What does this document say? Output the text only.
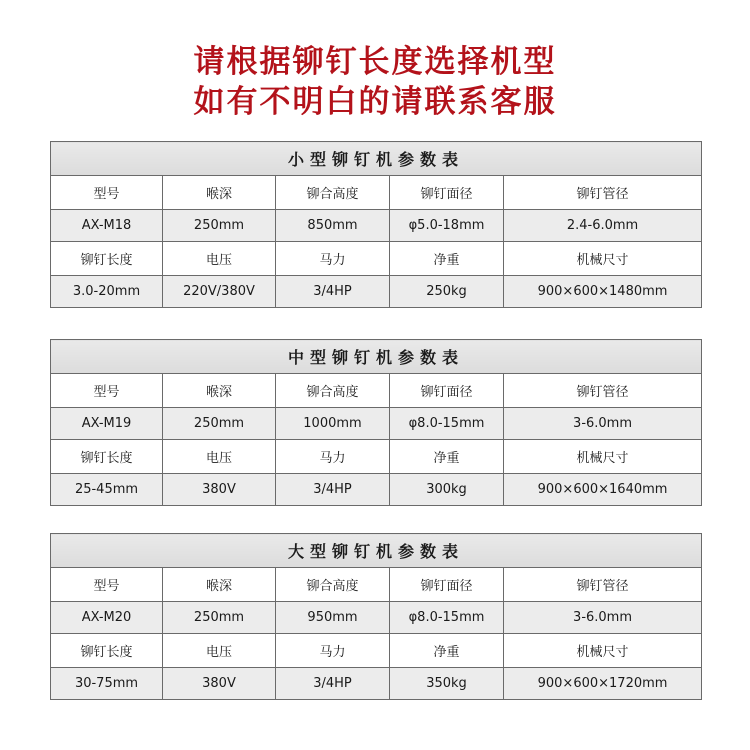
请根据铆钉长度选择机型
如有不明白的请联系客服
小型铆钉机参数表				
型号	喉深	铆合高度	铆钉面径	铆钉管径
AX-M18	250mm	850mm	φ5.0-18mm	2.4-6.0mm
铆钉长度	电压	马力	净重	机械尺寸
3.0-20mm	220V/380V	3/4HP	250kg	900×600×1480mm
中型铆钉机参数表				
型号	喉深	铆合高度	铆钉面径	铆钉管径
AX-M19	250mm	1000mm	φ8.0-15mm	3-6.0mm
铆钉长度	电压	马力	净重	机械尺寸
25-45mm	380V	3/4HP	300kg	900×600×1640mm
大型铆钉机参数表				
型号	喉深	铆合高度	铆钉面径	铆钉管径
AX-M20	250mm	950mm	φ8.0-15mm	3-6.0mm
铆钉长度	电压	马力	净重	机械尺寸
30-75mm	380V	3/4HP	350kg	900×600×1720mm
